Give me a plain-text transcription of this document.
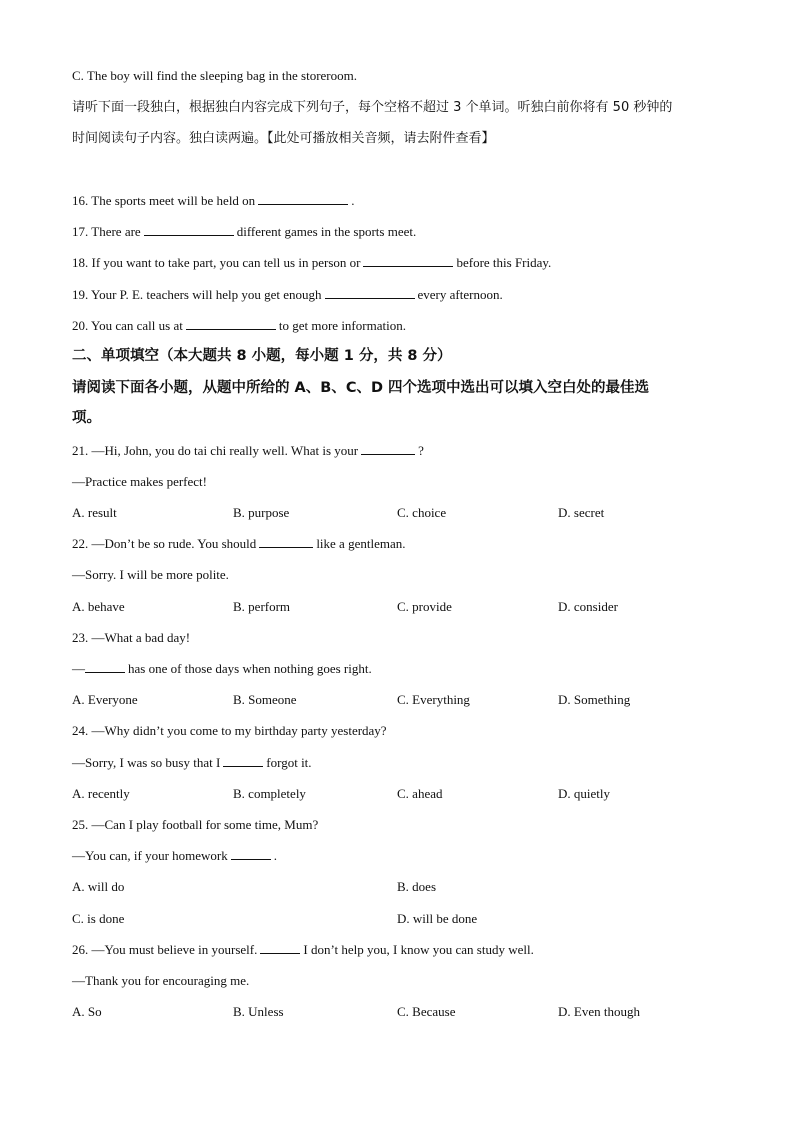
C. The boy will find the sleeping bag in the storeroom.
请听下面一段独白，根据独白内容完成下列句子，每个空格不超过 3 个单词。听独白前你将有 50 秒钟的
时间阅读句子内容。独白读两遍。【此处可播放相关音频，请去附件查看】
16. The sports meet will be held on	.
17. There are	different games in the sports meet.
18. If you want to take part, you can tell us in person or	before this Friday.
19. Your P. E. teachers will help you get enough	every afternoon.
20. You can call us at	to get more information.
二、单项填空（本大题共 8 小题，每小题 1 分，共 8 分）
请阅读下面各小题，从题中所给的 A、B、C、D 四个选项中选出可以填入空白处的最佳选
项。
21. —Hi, John, you do tai chi really well. What is your	?
—Practice makes perfect!
A. result	B. purpose	C. choice	D. secret
22. —Don’t be so rude. You should	like a gentleman.
—Sorry. I will be more polite.
A. behave	B. perform	C. provide	D. consider
23. —What a bad day!
—	has one of those days when nothing goes right.
A. Everyone	B. Someone	C. Everything	D. Something
24. —Why didn’t you come to my birthday party yesterday?
—Sorry, I was so busy that I	forgot it.
A. recently	B. completely	C. ahead	D. quietly
25. —Can I play football for some time, Mum?
—You can, if your homework	.
A. will do	B. does
C. is done	D. will be done
26. —You must believe in yourself.	I don’t help you, I know you can study well.
—Thank you for encouraging me.
A. So	B. Unless	C. Because	D. Even though
